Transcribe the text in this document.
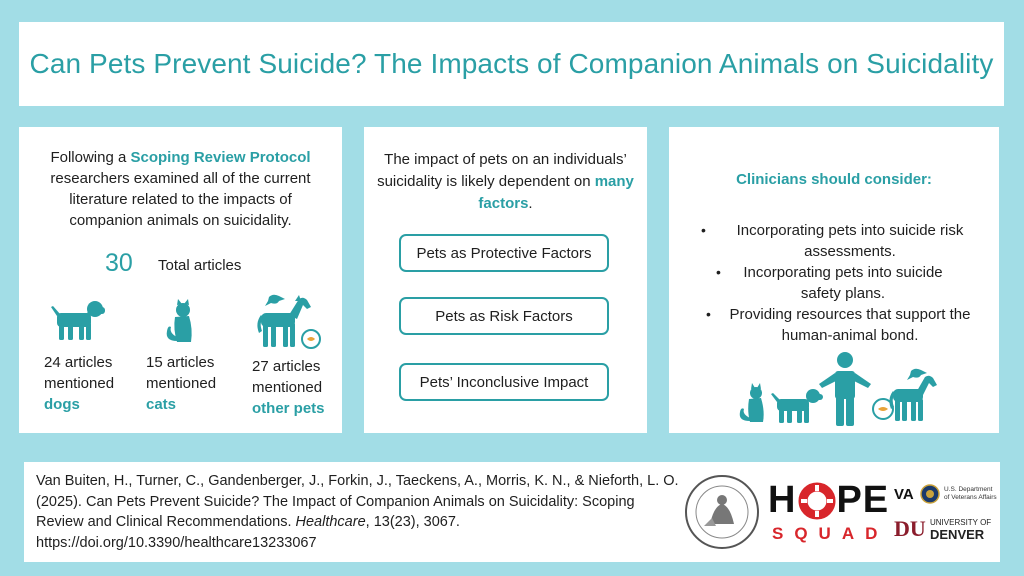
Can Pets Prevent Suicide? The Impacts of Companion Animals on Suicidality
Following a Scoping Review Protocol researchers examined all of the current literature related to the impacts of companion animals on suicidality.
30 Total articles
24 articles
mentioned
dogs
15 articles
mentioned
cats
27 articles
mentioned
other pets
The impact of pets on an individuals’ suicidality is likely dependent on many factors.
Pets as Protective Factors
Pets as Risk Factors
Pets’ Inconclusive Impact
Clinicians should consider:
•	Incorporating pets into suicide risk assessments.
•	Incorporating pets into suicide safety plans.
•	Providing resources that support the human-animal bond.
Van Buiten, H., Turner, C., Gandenberger, J., Forkin, J., Taeckens, A., Morris, K. N., & Nieforth, L. O. (2025). Can Pets Prevent Suicide? The Impact of Companion Animals on Suicidality: Scoping Review and Clinical Recommendations. Healthcare, 13(23), 3067. https://doi.org/10.3390/healthcare13233067
H PE
SQUAD
VA	U.S. Department
of Veterans Affairs
DU UNIVERSITY OF
DENVER
